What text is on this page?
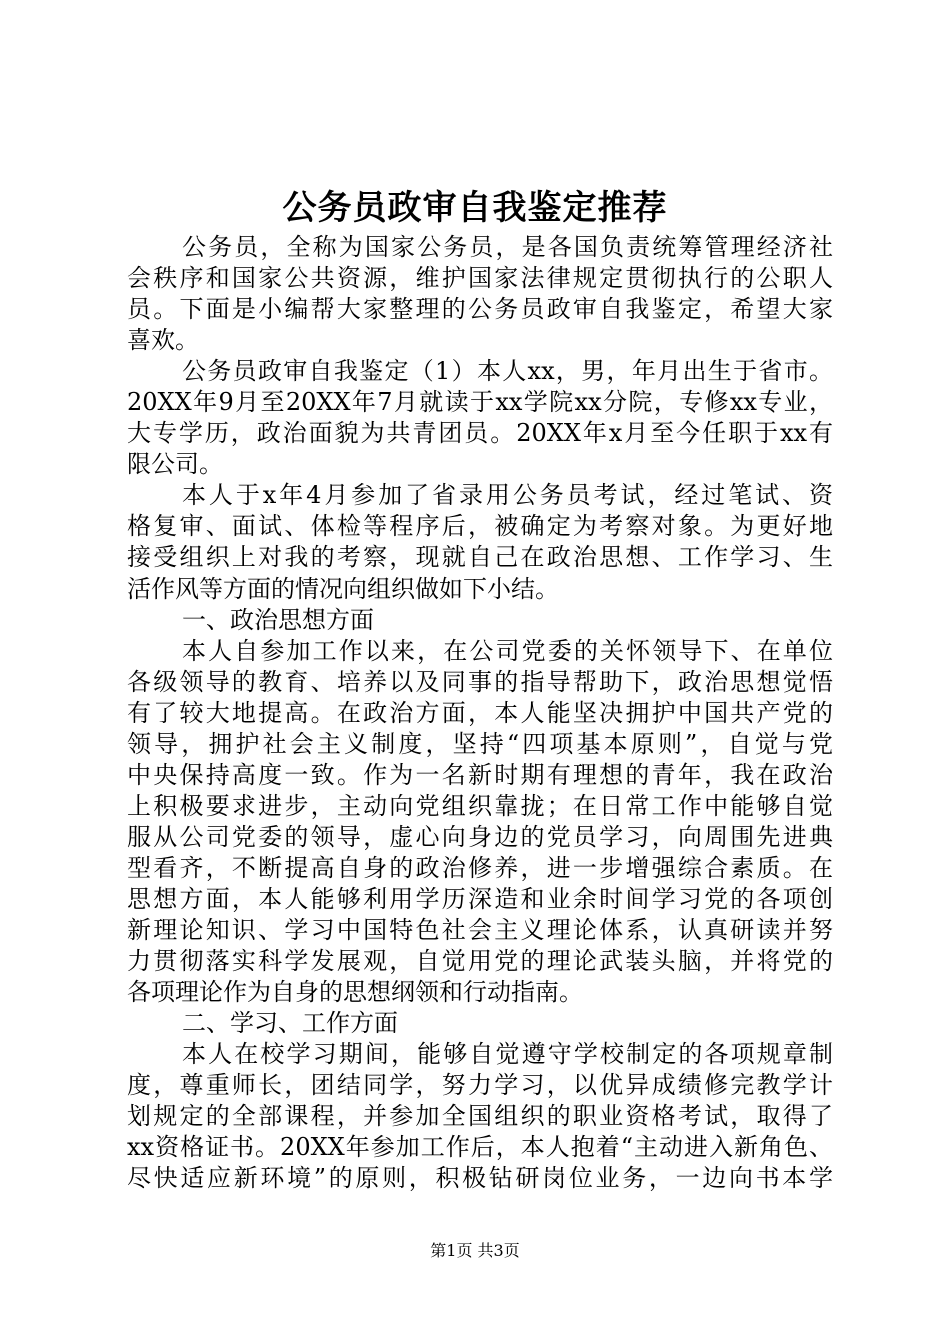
公务员政审自我鉴定推荐
公务员，全称为国家公务员，是各国负责统筹管理经济社
会秩序和国家公共资源，维护国家法律规定贯彻执行的公职人
员。下面是小编帮大家整理的公务员政审自我鉴定，希望大家
喜欢。
公务员政审自我鉴定（1）本人xx，男，年月出生于省市。
20XX年9月至20XX年7月就读于xx学院xx分院，专修xx专业，
大专学历，政治面貌为共青团员。20XX年x月至今任职于xx有
限公司。
本人于x年4月参加了省录用公务员考试，经过笔试、资
格复审、面试、体检等程序后，被确定为考察对象。为更好地
接受组织上对我的考察，现就自己在政治思想、工作学习、生
活作风等方面的情况向组织做如下小结。
一、政治思想方面
本人自参加工作以来，在公司党委的关怀领导下、在单位
各级领导的教育、培养以及同事的指导帮助下，政治思想觉悟
有了较大地提高。在政治方面，本人能坚决拥护中国共产党的
领导，拥护社会主义制度，坚持“四项基本原则”，自觉与党
中央保持高度一致。作为一名新时期有理想的青年，我在政治
上积极要求进步，主动向党组织靠拢；在日常工作中能够自觉
服从公司党委的领导，虚心向身边的党员学习，向周围先进典
型看齐，不断提高自身的政治修养，进一步增强综合素质。在
思想方面，本人能够利用学历深造和业余时间学习党的各项创
新理论知识、学习中国特色社会主义理论体系，认真研读并努
力贯彻落实科学发展观，自觉用党的理论武装头脑，并将党的
各项理论作为自身的思想纲领和行动指南。
二、学习、工作方面
本人在校学习期间，能够自觉遵守学校制定的各项规章制
度，尊重师长，团结同学，努力学习，以优异成绩修完教学计
划规定的全部课程，并参加全国组织的职业资格考试，取得了
xx资格证书。20XX年参加工作后，本人抱着“主动进入新角色、
尽快适应新环境”的原则，积极钻研岗位业务，一边向书本学
第1页 共3页
